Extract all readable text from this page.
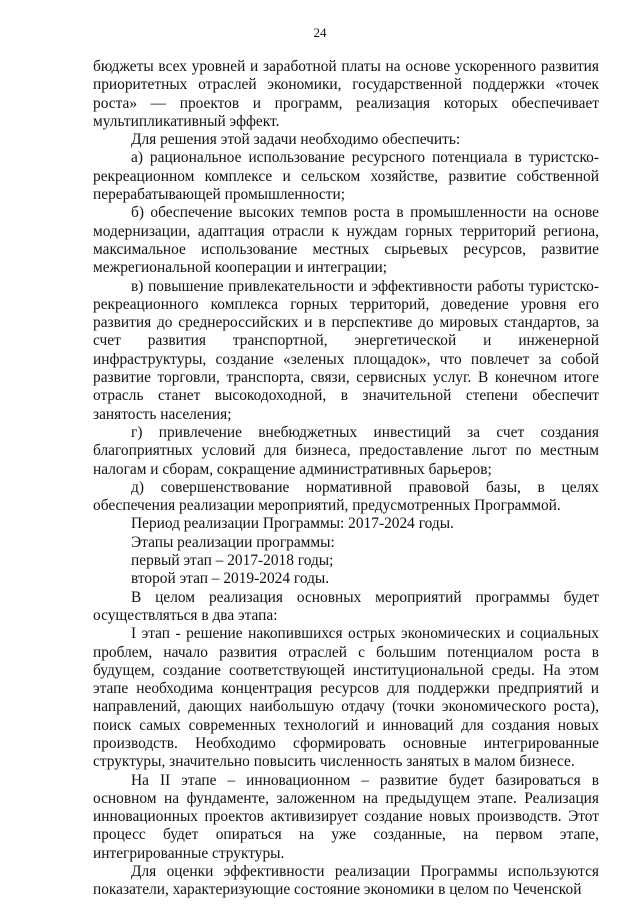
24

бюджеты всех уровней и заработной платы на основе ускоренного развития приоритетных отраслей экономики, государственной поддержки «точек роста» — проектов и программ, реализация которых обеспечивает мультипликативный эффект.

Для решения этой задачи необходимо обеспечить:

а) рациональное использование ресурсного потенциала в туристско-рекреационном комплексе и сельском хозяйстве, развитие собственной перерабатывающей промышленности;

б) обеспечение высоких темпов роста в промышленности на основе модернизации, адаптация отрасли к нуждам горных территорий региона, максимальное использование местных сырьевых ресурсов, развитие межрегиональной кооперации и интеграции;

в) повышение привлекательности и эффективности работы туристско-рекреационного комплекса горных территорий, доведение уровня его развития до среднероссийских и в перспективе до мировых стандартов, за счет развития транспортной, энергетической и инженерной инфраструктуры, создание «зеленых площадок», что повлечет за собой развитие торговли, транспорта, связи, сервисных услуг. В конечном итоге отрасль станет высокодоходной, в значительной степени обеспечит занятость населения;

г) привлечение внебюджетных инвестиций за счет создания благоприятных условий для бизнеса, предоставление льгот по местным налогам и сборам, сокращение административных барьеров;

д) совершенствование нормативной правовой базы, в целях обеспечения реализации мероприятий, предусмотренных Программой.

Период реализации Программы: 2017-2024 годы.

Этапы реализации программы:

первый этап – 2017-2018 годы;

второй этап – 2019-2024 годы.

В целом реализация основных мероприятий программы будет осуществляться в два этапа:

I этап - решение накопившихся острых экономических и социальных проблем, начало развития отраслей с большим потенциалом роста в будущем, создание соответствующей институциональной среды. На этом этапе необходима концентрация ресурсов для поддержки предприятий и направлений, дающих наибольшую отдачу (точки экономического роста), поиск самых современных технологий и инноваций для создания новых производств. Необходимо сформировать основные интегрированные структуры, значительно повысить численность занятых в малом бизнесе.

На II этапе – инновационном – развитие будет базироваться в основном на фундаменте, заложенном на предыдущем этапе. Реализация инновационных проектов активизирует создание новых производств. Этот процесс будет опираться на уже созданные, на первом этапе, интегрированные структуры.

Для оценки эффективности реализации Программы используются показатели, характеризующие состояние экономики в целом по Чеченской
